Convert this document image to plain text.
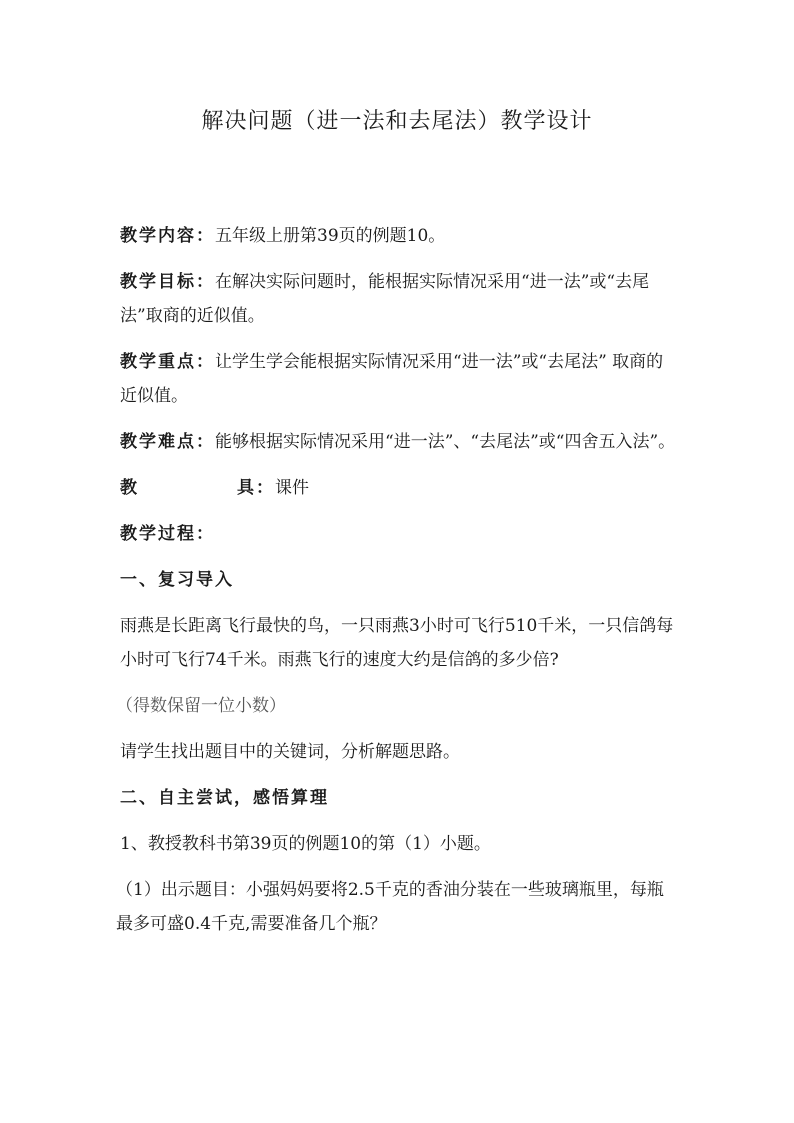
解决问题（进一法和去尾法）教学设计

教学内容：五年级上册第39页的例题10。

教学目标：在解决实际问题时，能根据实际情况采用“进一法”或“去尾法”取商的近似值。

教学重点：让学生学会能根据实际情况采用“进一法”或“去尾法” 取商的近似值。

教学难点：能够根据实际情况采用“进一法”、“去尾法”或“四舍五入法”。

教	具：课件

教学过程：

一、复习导入

雨燕是长距离飞行最快的鸟，一只雨燕3小时可飞行510千米，一只信鸽每小时可飞行74千米。雨燕飞行的速度大约是信鸽的多少倍?

（得数保留一位小数）

请学生找出题目中的关键词，分析解题思路。

二、自主尝试，感悟算理

1、教授教科书第39页的例题10的第（1）小题。

（1）出示题目：小强妈妈要将2.5千克的香油分装在一些玻璃瓶里，每瓶最多可盛0.4千克,需要准备几个瓶？
